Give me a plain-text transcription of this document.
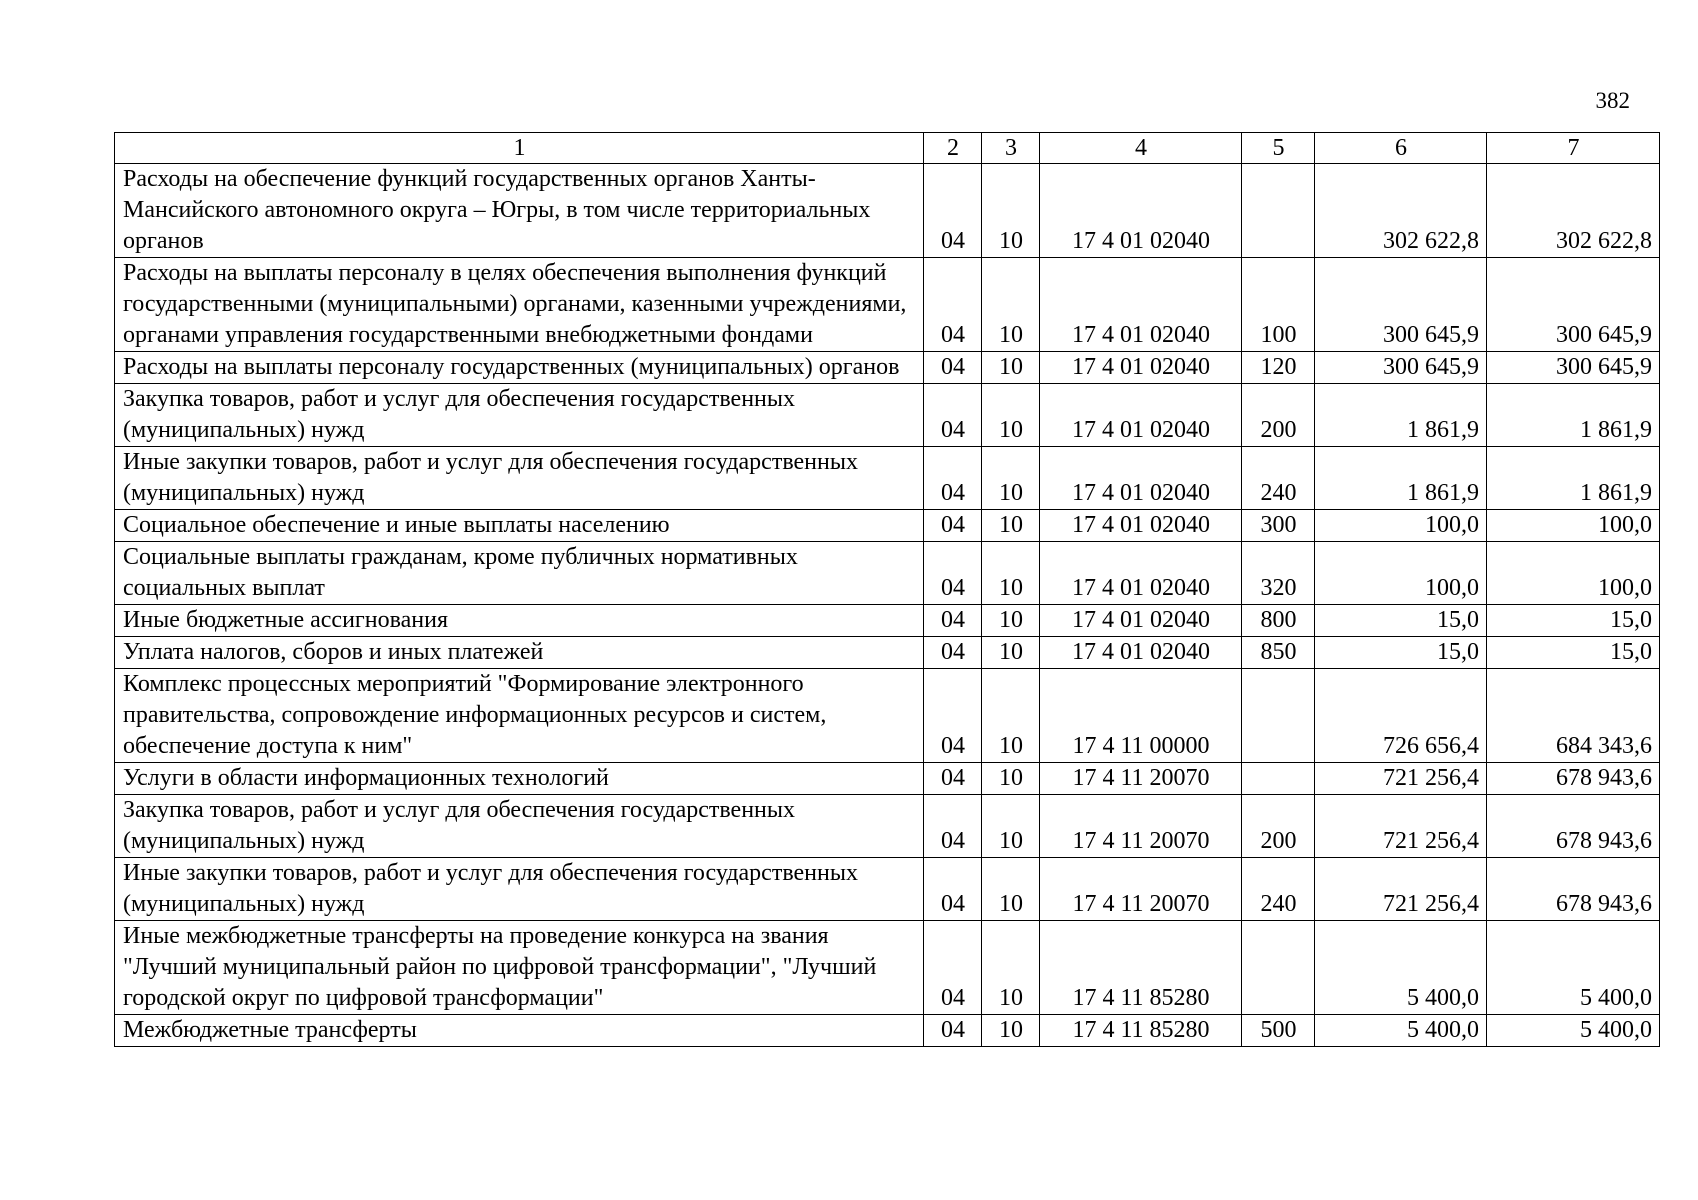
382
1	2	3	4	5	6	7
Расходы на обеспечение функций государственных органов Ханты-Мансийского автономного округа – Югры, в том числе территориальных органов	04	10	17 4 01 02040		302 622,8	302 622,8
Расходы на выплаты персоналу в целях обеспечения выполнения функций государственными (муниципальными) органами, казенными учреждениями, органами управления государственными внебюджетными фондами	04	10	17 4 01 02040	100	300 645,9	300 645,9
Расходы на выплаты персоналу государственных (муниципальных) органов	04	10	17 4 01 02040	120	300 645,9	300 645,9
Закупка товаров, работ и услуг для обеспечения государственных (муниципальных) нужд	04	10	17 4 01 02040	200	1 861,9	1 861,9
Иные закупки товаров, работ и услуг для обеспечения государственных (муниципальных) нужд	04	10	17 4 01 02040	240	1 861,9	1 861,9
Социальное обеспечение и иные выплаты населению	04	10	17 4 01 02040	300	100,0	100,0
Социальные выплаты гражданам, кроме публичных нормативных социальных выплат	04	10	17 4 01 02040	320	100,0	100,0
Иные бюджетные ассигнования	04	10	17 4 01 02040	800	15,0	15,0
Уплата налогов, сборов и иных платежей	04	10	17 4 01 02040	850	15,0	15,0
Комплекс процессных мероприятий "Формирование электронного правительства, сопровождение информационных ресурсов и систем, обеспечение доступа к ним"	04	10	17 4 11 00000		726 656,4	684 343,6
Услуги в области информационных технологий	04	10	17 4 11 20070		721 256,4	678 943,6
Закупка товаров, работ и услуг для обеспечения государственных (муниципальных) нужд	04	10	17 4 11 20070	200	721 256,4	678 943,6
Иные закупки товаров, работ и услуг для обеспечения государственных (муниципальных) нужд	04	10	17 4 11 20070	240	721 256,4	678 943,6
Иные межбюджетные трансферты на проведение конкурса на звания "Лучший муниципальный район по цифровой трансформации", "Лучший городской округ по цифровой трансформации"	04	10	17 4 11 85280		5 400,0	5 400,0
Межбюджетные трансферты	04	10	17 4 11 85280	500	5 400,0	5 400,0
